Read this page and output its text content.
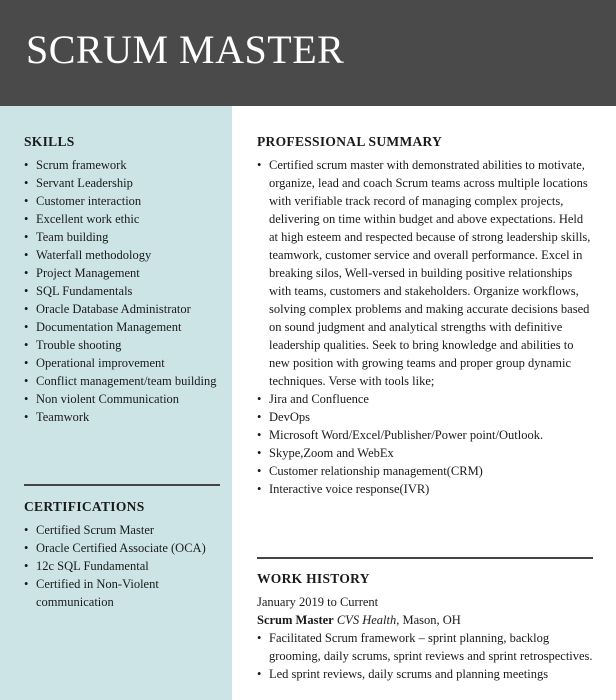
SCRUM MASTER
SKILLS
• Scrum framework
• Servant Leadership
• Customer interaction
• Excellent work ethic
• Team building
• Waterfall methodology
• Project Management
• SQL Fundamentals
• Oracle Database Administrator
• Documentation Management
• Trouble shooting
• Operational improvement
• Conflict management/team building
• Non violent Communication
• Teamwork
CERTIFICATIONS
• Certified Scrum Master
• Oracle Certified Associate (OCA)
• 12c SQL Fundamental
• Certified in Non-Violent communication
PROFESSIONAL SUMMARY
• Certified scrum master with demonstrated abilities to motivate, organize, lead and coach Scrum teams across multiple locations with verifiable track record of managing complex projects, delivering on time within budget and above expectations. Held at high esteem and respected because of strong leadership skills, teamwork, customer service and overall performance. Excel in breaking silos, Well-versed in building positive relationships with teams, customers and stakeholders. Organize workflows, solving complex problems and making accurate decisions based on sound judgment and analytical strengths with definitive leadership qualities. Seek to bring knowledge and abilities to new position with growing teams and proper group dynamic techniques. Verse with tools like;
• Jira and Confluence
• DevOps
• Microsoft Word/Excel/Publisher/Power point/Outlook.
• Skype,Zoom and WebEx
• Customer relationship management(CRM)
• Interactive voice response(IVR)
WORK HISTORY

January 2019 to Current

Scrum Master CVS Health, Mason, OH

• Facilitated Scrum framework – sprint planning, backlog grooming, daily scrums, sprint reviews and sprint retrospectives.
• Led sprint reviews, daily scrums and planning meetings
